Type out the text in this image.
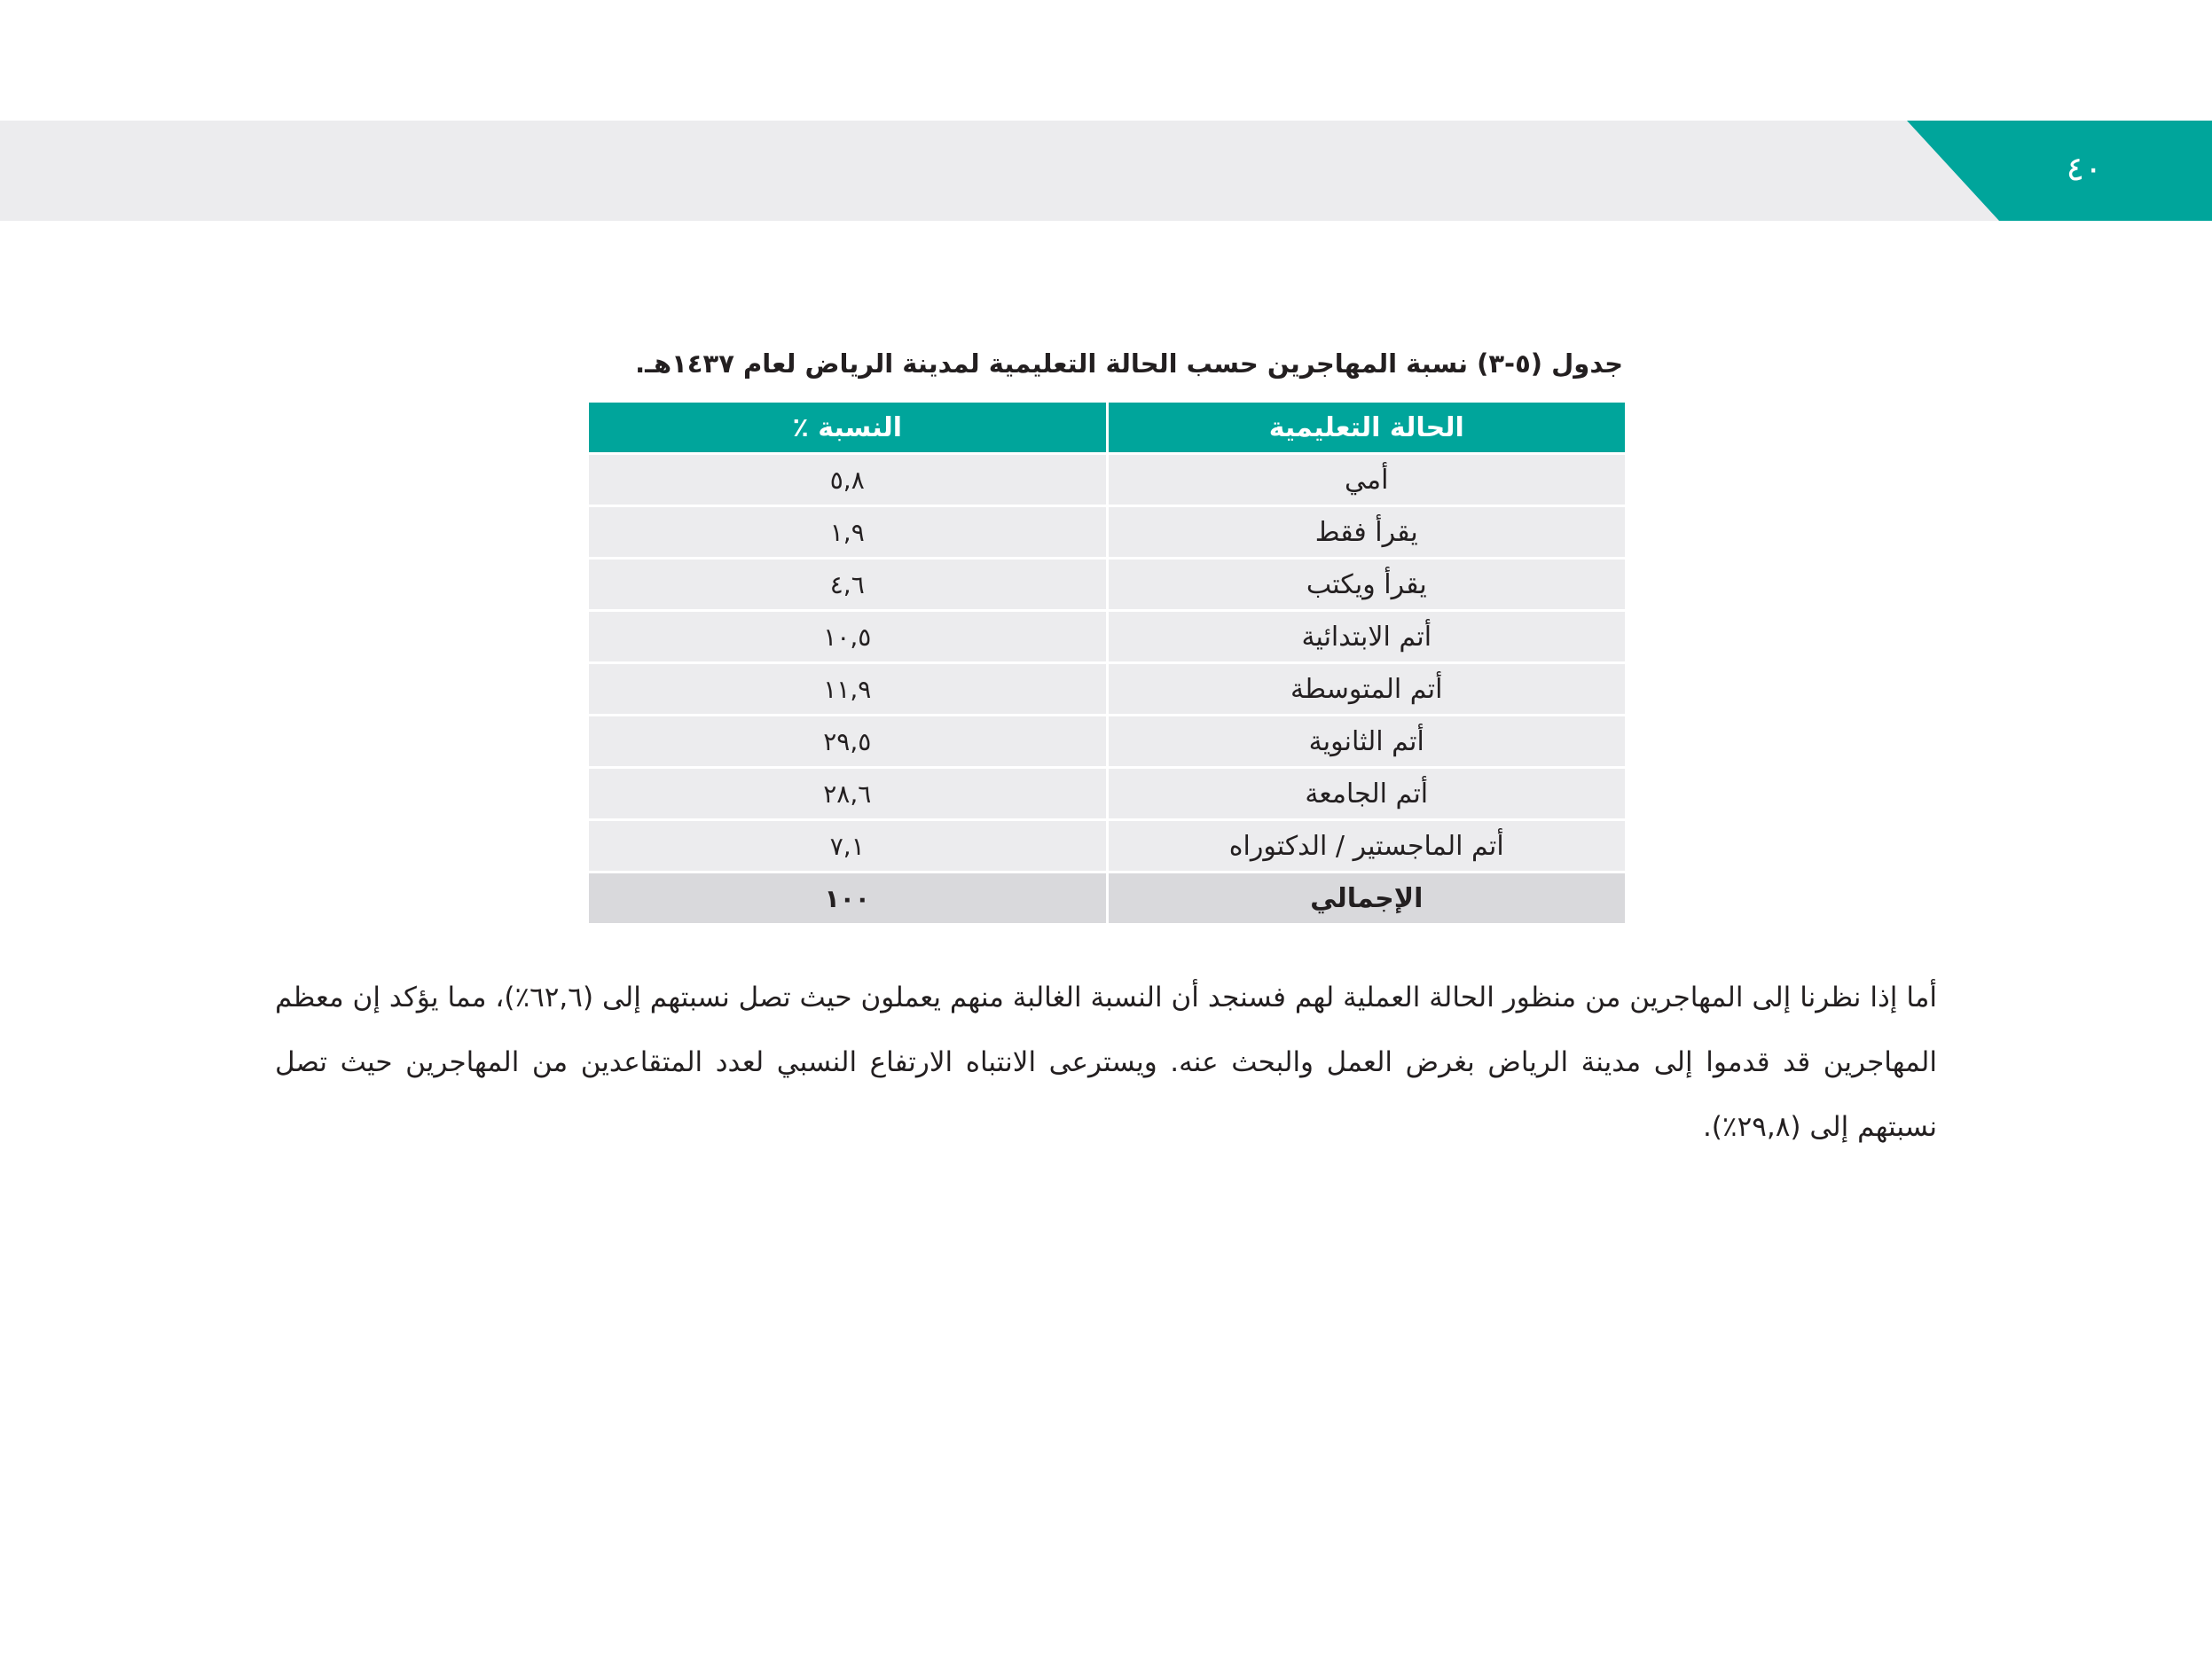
٤٠
جدول (٥-٣) نسبة المهاجرين حسب الحالة التعليمية لمدينة الرياض لعام ١٤٣٧هـ.
الحالة التعليمية	النسبة ٪
أمي	٥,٨
يقرأ فقط	١,٩
يقرأ ويكتب	٤,٦
أتم الابتدائية	١٠,٥
أتم المتوسطة	١١,٩
أتم الثانوية	٢٩,٥
أتم الجامعة	٢٨,٦
أتم الماجستير / الدكتوراه	٧,١
الإجمالي	١٠٠

أما إذا نظرنا إلى المهاجرين من منظور الحالة العملية لهم فسنجد أن النسبة الغالبة منهم يعملون حيث تصل نسبتهم إلى (٦٢,٦٪)، مما يؤكد إن معظم المهاجرين قد قدموا إلى مدينة الرياض بغرض العمل والبحث عنه. ويسترعى الانتباه الارتفاع النسبي لعدد المتقاعدين من المهاجرين حيث تصل نسبتهم إلى (٢٩,٨٪).
